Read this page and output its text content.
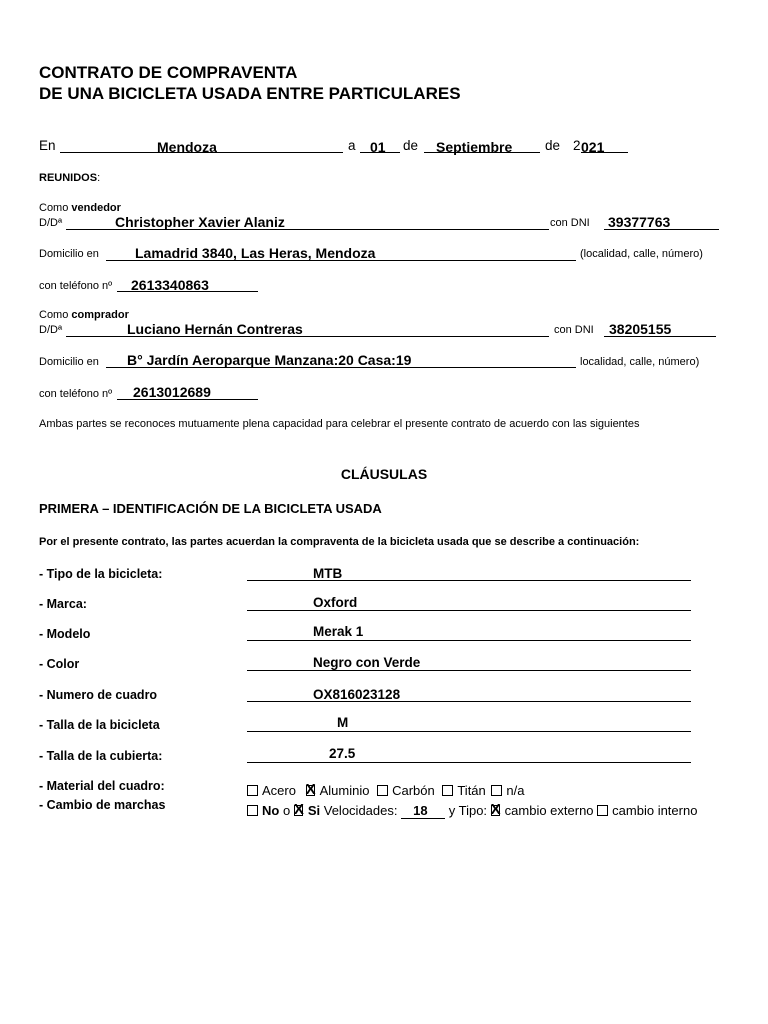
CONTRATO DE COMPRAVENTA
DE UNA BICICLETA USADA ENTRE PARTICULARES
En	Mendoza	a 01 de Septiembre de 2 021
REUNIDOS:
Como vendedor
D/Dª	Christopher Xavier Alaniz	con DNI 39377763
Domicilio en	Lamadrid 3840, Las Heras, Mendoza	(localidad, calle, número)
con teléfono nº 2613340863
Como comprador
D/Dª	Luciano Hernán Contreras	con DNI 38205155
Domicilio en B° Jardín Aeroparque Manzana:20 Casa:19	localidad, calle, número)
con teléfono nº 2613012689
Ambas partes se reconoces mutuamente plena capacidad para celebrar el presente contrato de acuerdo con las siguientes
CLÁUSULAS
PRIMERA – IDENTIFICACIÓN DE LA BICICLETA USADA
Por el presente contrato, las partes acuerdan la compraventa de la bicicleta usada que se describe a continuación:
- Tipo de la bicicleta:	MTB
- Marca:	Oxford
- Modelo	Merak 1
- Color	Negro con Verde
- Numero de cuadro	OX816023128
- Talla de la bicicleta	M
- Talla de la cubierta:	27.5
- Material del cuadro:	Acero X Aluminio Carbón Titán n/a
- Cambio de marchas	No o X Si Velocidades: 18 y Tipo: X cambio externo cambio interno
